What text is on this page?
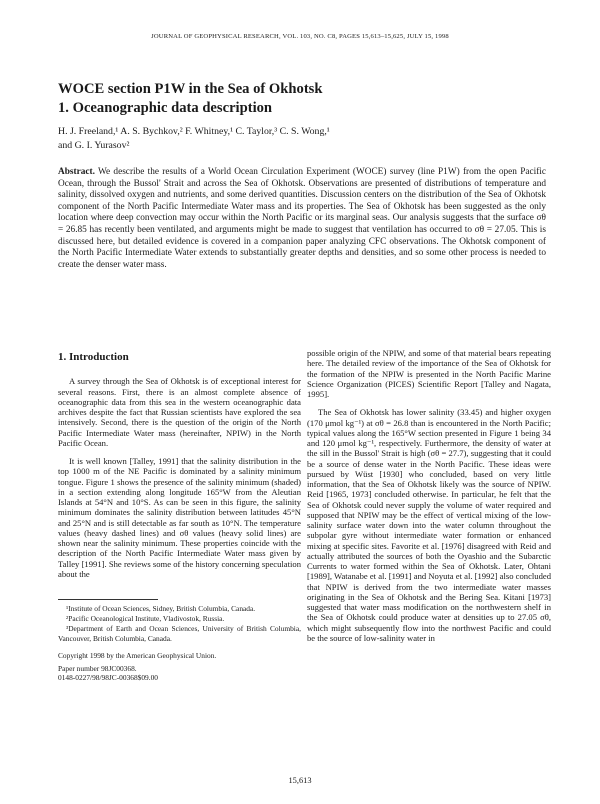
JOURNAL OF GEOPHYSICAL RESEARCH, VOL. 103, NO. C8, PAGES 15,613–15,625, JULY 15, 1998
WOCE section P1W in the Sea of Okhotsk
1. Oceanographic data description
H. J. Freeland,¹ A. S. Bychkov,² F. Whitney,¹ C. Taylor,³ C. S. Wong,¹
and G. I. Yurasov²
Abstract. We describe the results of a World Ocean Circulation Experiment (WOCE) survey (line P1W) from the open Pacific Ocean, through the Bussol' Strait and across the Sea of Okhotsk. Observations are presented of distributions of temperature and salinity, dissolved oxygen and nutrients, and some derived quantities. Discussion centers on the distribution of the Sea of Okhotsk component of the North Pacific Intermediate Water mass and its properties. The Sea of Okhotsk has been suggested as the only location where deep convection may occur within the North Pacific or its marginal seas. Our analysis suggests that the surface σθ = 26.85 has recently been ventilated, and arguments might be made to suggest that ventilation has occurred to σθ = 27.05. This is discussed here, but detailed evidence is covered in a companion paper analyzing CFC observations. The Okhotsk component of the North Pacific Intermediate Water extends to substantially greater depths and densities, and so some other process is needed to create the denser water mass.
1. Introduction

A survey through the Sea of Okhotsk is of exceptional interest for several reasons. First, there is an almost complete absence of oceanographic data from this sea in the western oceanographic data archives despite the fact that Russian scientists have explored the sea intensively. Second, there is the question of the origin of the North Pacific Intermediate Water mass (hereinafter, NPIW) in the North Pacific Ocean.

It is well known [Talley, 1991] that the salinity distribution in the top 1000 m of the NE Pacific is dominated by a salinity minimum tongue. Figure 1 shows the presence of the salinity minimum (shaded) in a section extending along longitude 165°W from the Aleutian Islands at 54°N and 10°S. As can be seen in this figure, the salinity minimum dominates the salinity distribution between latitudes 45°N and 25°N and is still detectable as far south as 10°N. The temperature values (heavy dashed lines) and σθ values (heavy solid lines) are shown near the salinity minimum. These properties coincide with the description of the North Pacific Intermediate Water mass given by Talley [1991]. She reviews some of the history concerning speculation about the

¹Institute of Ocean Sciences, Sidney, British Columbia, Canada.

²Pacific Oceanological Institute, Vladivostok, Russia.

³Department of Earth and Ocean Sciences, University of British Columbia, Vancouver, British Columbia, Canada.

Copyright 1998 by the American Geophysical Union.

Paper number 98JC00368.
0148-0227/98/98JC-00368$09.00

possible origin of the NPIW, and some of that material bears repeating here. The detailed review of the importance of the Sea of Okhotsk for the formation of the NPIW is presented in the North Pacific Marine Science Organization (PICES) Scientific Report [Talley and Nagata, 1995].

The Sea of Okhotsk has lower salinity (33.45) and higher oxygen (170 μmol kg⁻¹) at σθ = 26.8 than is encountered in the North Pacific; typical values along the 165°W section presented in Figure 1 being 34 and 120 μmol kg⁻¹, respectively. Furthermore, the density of water at the sill in the Bussol' Strait is high (σθ = 27.7), suggesting that it could be a source of dense water in the North Pacific. These ideas were pursued by Wüst [1930] who concluded, based on very little information, that the Sea of Okhotsk likely was the source of NPIW. Reid [1965, 1973] concluded otherwise. In particular, he felt that the Sea of Okhotsk could never supply the volume of water required and supposed that NPIW may be the effect of vertical mixing of the low-salinity surface water down into the water column throughout the subpolar gyre without intermediate water formation or enhanced mixing at specific sites. Favorite et al. [1976] disagreed with Reid and actually attributed the sources of both the Oyashio and the Subarctic Currents to water formed within the Sea of Okhotsk. Later, Ohtani [1989], Watanabe et al. [1991] and Noyuta et al. [1992] also concluded that NPIW is derived from the two intermediate water masses originating in the Sea of Okhotsk and the Bering Sea. Kitani [1973] suggested that water mass modification on the northwestern shelf in the Sea of Okhotsk could produce water at densities up to 27.05 σθ, which might subsequently flow into the northwest Pacific and could be the source of low-salinity water in

15,613
